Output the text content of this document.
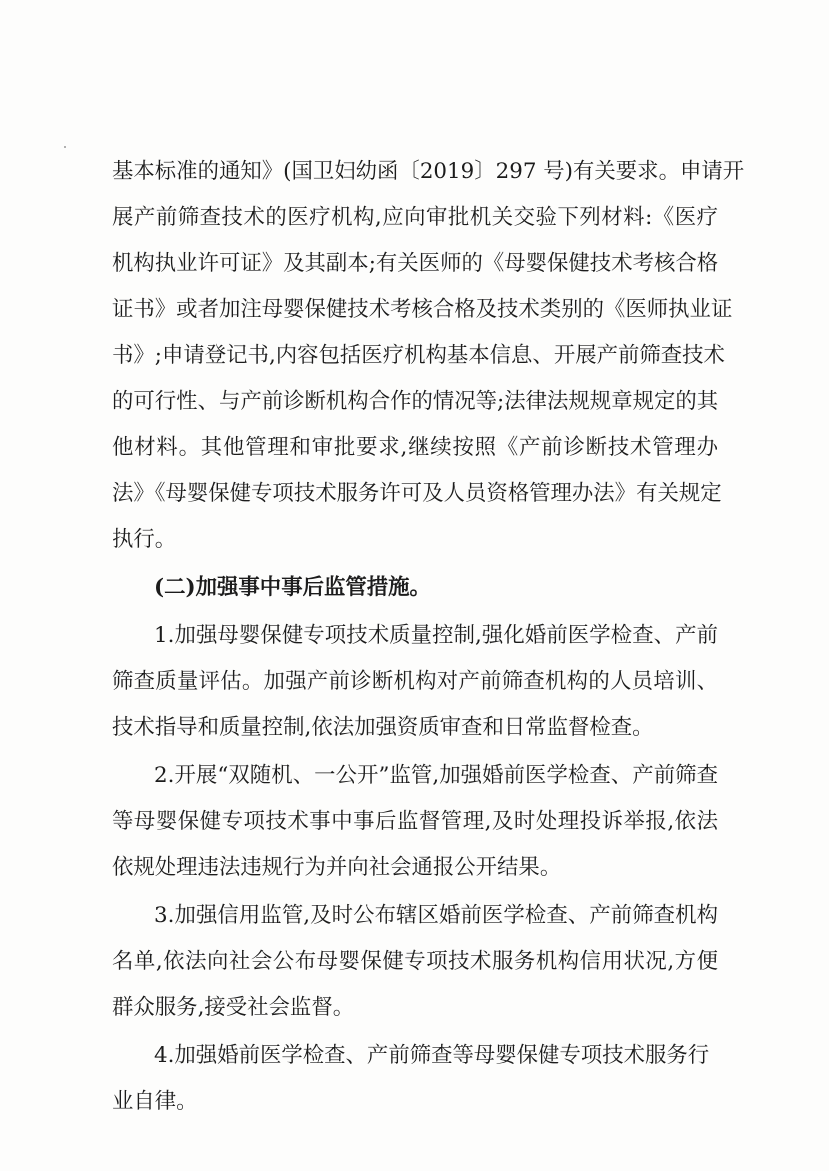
基本标准的通知》(国卫妇幼函〔2019〕297 号)有关要求。申请开
展产前筛查技术的医疗机构,应向审批机关交验下列材料:《医疗
机构执业许可证》及其副本;有关医师的《母婴保健技术考核合格
证书》或者加注母婴保健技术考核合格及技术类别的《医师执业证
书》;申请登记书,内容包括医疗机构基本信息、开展产前筛查技术
的可行性、与产前诊断机构合作的情况等;法律法规规章规定的其
他材料。其他管理和审批要求,继续按照《产前诊断技术管理办
法》《母婴保健专项技术服务许可及人员资格管理办法》有关规定
执行。
(二)加强事中事后监管措施。
1.加强母婴保健专项技术质量控制,强化婚前医学检查、产前
筛查质量评估。加强产前诊断机构对产前筛查机构的人员培训、
技术指导和质量控制,依法加强资质审查和日常监督检查。
2.开展“双随机、一公开”监管,加强婚前医学检查、产前筛查
等母婴保健专项技术事中事后监督管理,及时处理投诉举报,依法
依规处理违法违规行为并向社会通报公开结果。
3.加强信用监管,及时公布辖区婚前医学检查、产前筛查机构
名单,依法向社会公布母婴保健专项技术服务机构信用状况,方便
群众服务,接受社会监督。
4.加强婚前医学检查、产前筛查等母婴保健专项技术服务行
业自律。
